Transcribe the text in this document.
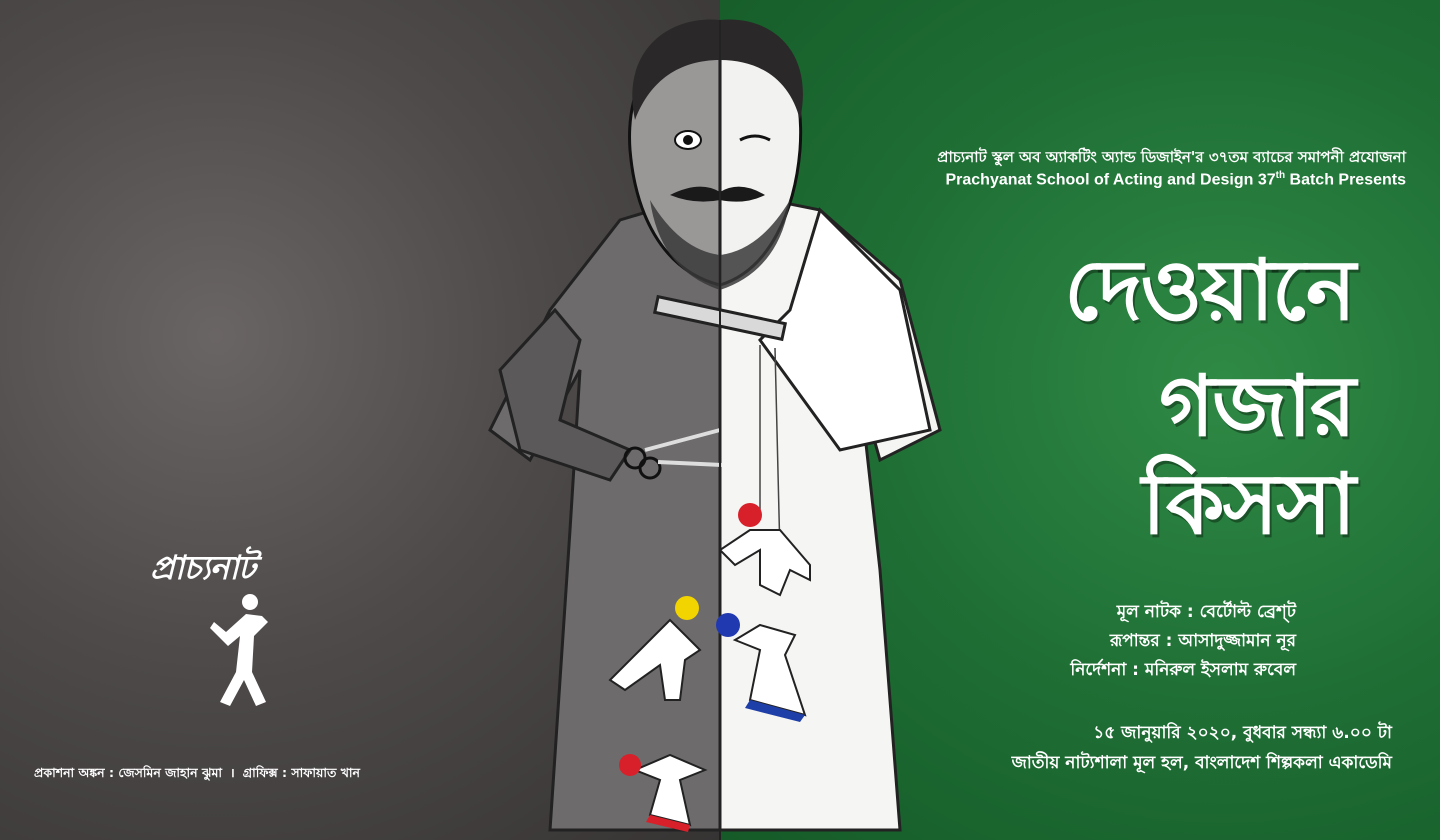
প্রাচ্যনাট স্কুল অব অ্যাকটিং অ্যান্ড ডিজাইন'র ৩৭তম ব্যাচের সমাপনী প্রযোজনা
Prachyanat School of Acting and Design 37th Batch Presents
দেওয়ানে
গজার
কিসসা
মূল নাটক : বের্টোল্ট ব্রেশ্‌ট
রূপান্তর : আসাদুজ্জামান নূর
নির্দেশনা : মনিরুল ইসলাম রুবেল
১৫ জানুয়ারি ২০২০, বুধবার সন্ধ্যা ৬.০০ টা
জাতীয় নাট্যশালা মূল হল, বাংলাদেশ শিল্পকলা একাডেমি
প্রাচ্যনাট
প্রকাশনা অঙ্কন : জেসমিন জাহান ঝুমা । গ্রাফিক্স : সাফায়াত খান
